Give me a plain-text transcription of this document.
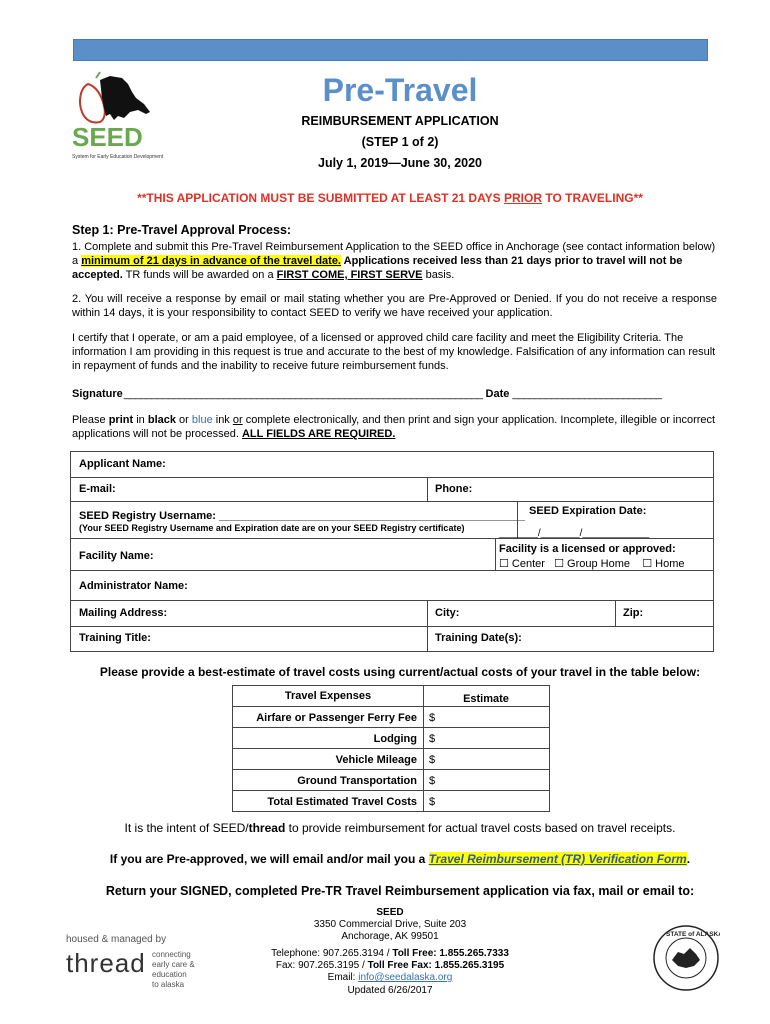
SEED
System for Early Education Development
Pre-Travel
REIMBURSEMENT APPLICATION
(STEP 1 of 2)
July 1, 2019—June 30, 2020
**THIS APPLICATION MUST BE SUBMITTED AT LEAST 21 DAYS PRIOR TO TRAVELING**
Step 1: Pre-Travel Approval Process:
1. Complete and submit this Pre-Travel Reimbursement Application to the SEED office in Anchorage (see contact information below) a minimum of 21 days in advance of the travel date. Applications received less than 21 days prior to travel will not be accepted. TR funds will be awarded on a FIRST COME, FIRST SERVE basis.
2. You will receive a response by email or mail stating whether you are Pre-Approved or Denied. If you do not receive a response within 14 days, it is your responsibility to contact SEED to verify we have received your application.
I certify that I operate, or am a paid employee, of a licensed or approved child care facility and meet the Eligibility Criteria. The information I am providing in this request is true and accurate to the best of my knowledge. Falsification of any information can result in repayment of funds and the inability to receive future reimbursement funds.
Signature _________________________________________________________________ Date ___________________________
Please print in black or blue ink or complete electronically, and then print and sign your application. Incomplete, illegible or incorrect applications will not be processed. ALL FIELDS ARE REQUIRED.
Applicant Name:
E-mail:	Phone:
SEED Registry Username: __________________________________________________
(Your SEED Registry Username and Expiration date are on your SEED Registry certificate)
SEED Expiration Date:
_______/_______/____________
Facility Name:
Facility is a licensed or approved:
☐ Center ☐ Group Home ☐ Home
Administrator Name:
Mailing Address:	City:	Zip:
Training Title:	Training Date(s):
Please provide a best-estimate of travel costs using current/actual costs of your travel in the table below:
Travel Expenses	Estimate
Airfare or Passenger Ferry Fee	$
Lodging	$
Vehicle Mileage	$
Ground Transportation	$
Total Estimated Travel Costs	$
It is the intent of SEED/thread to provide reimbursement for actual travel costs based on travel receipts.
If you are Pre-approved, we will email and/or mail you a Travel Reimbursement (TR) Verification Form.
Return your SIGNED, completed Pre-TR Travel Reimbursement application via fax, mail or email to:
SEED
3350 Commercial Drive, Suite 203
Anchorage, AK 99501
Telephone: 907.265.3194 / Toll Free: 1.855.265.7333
Fax: 907.265.3195 / Toll Free Fax: 1.855.265.3195
Email: info@seedalaska.org
Updated 6/26/2017
housed & managed by
thread connecting
early care & education
to alaska
STATE of ALASKA
